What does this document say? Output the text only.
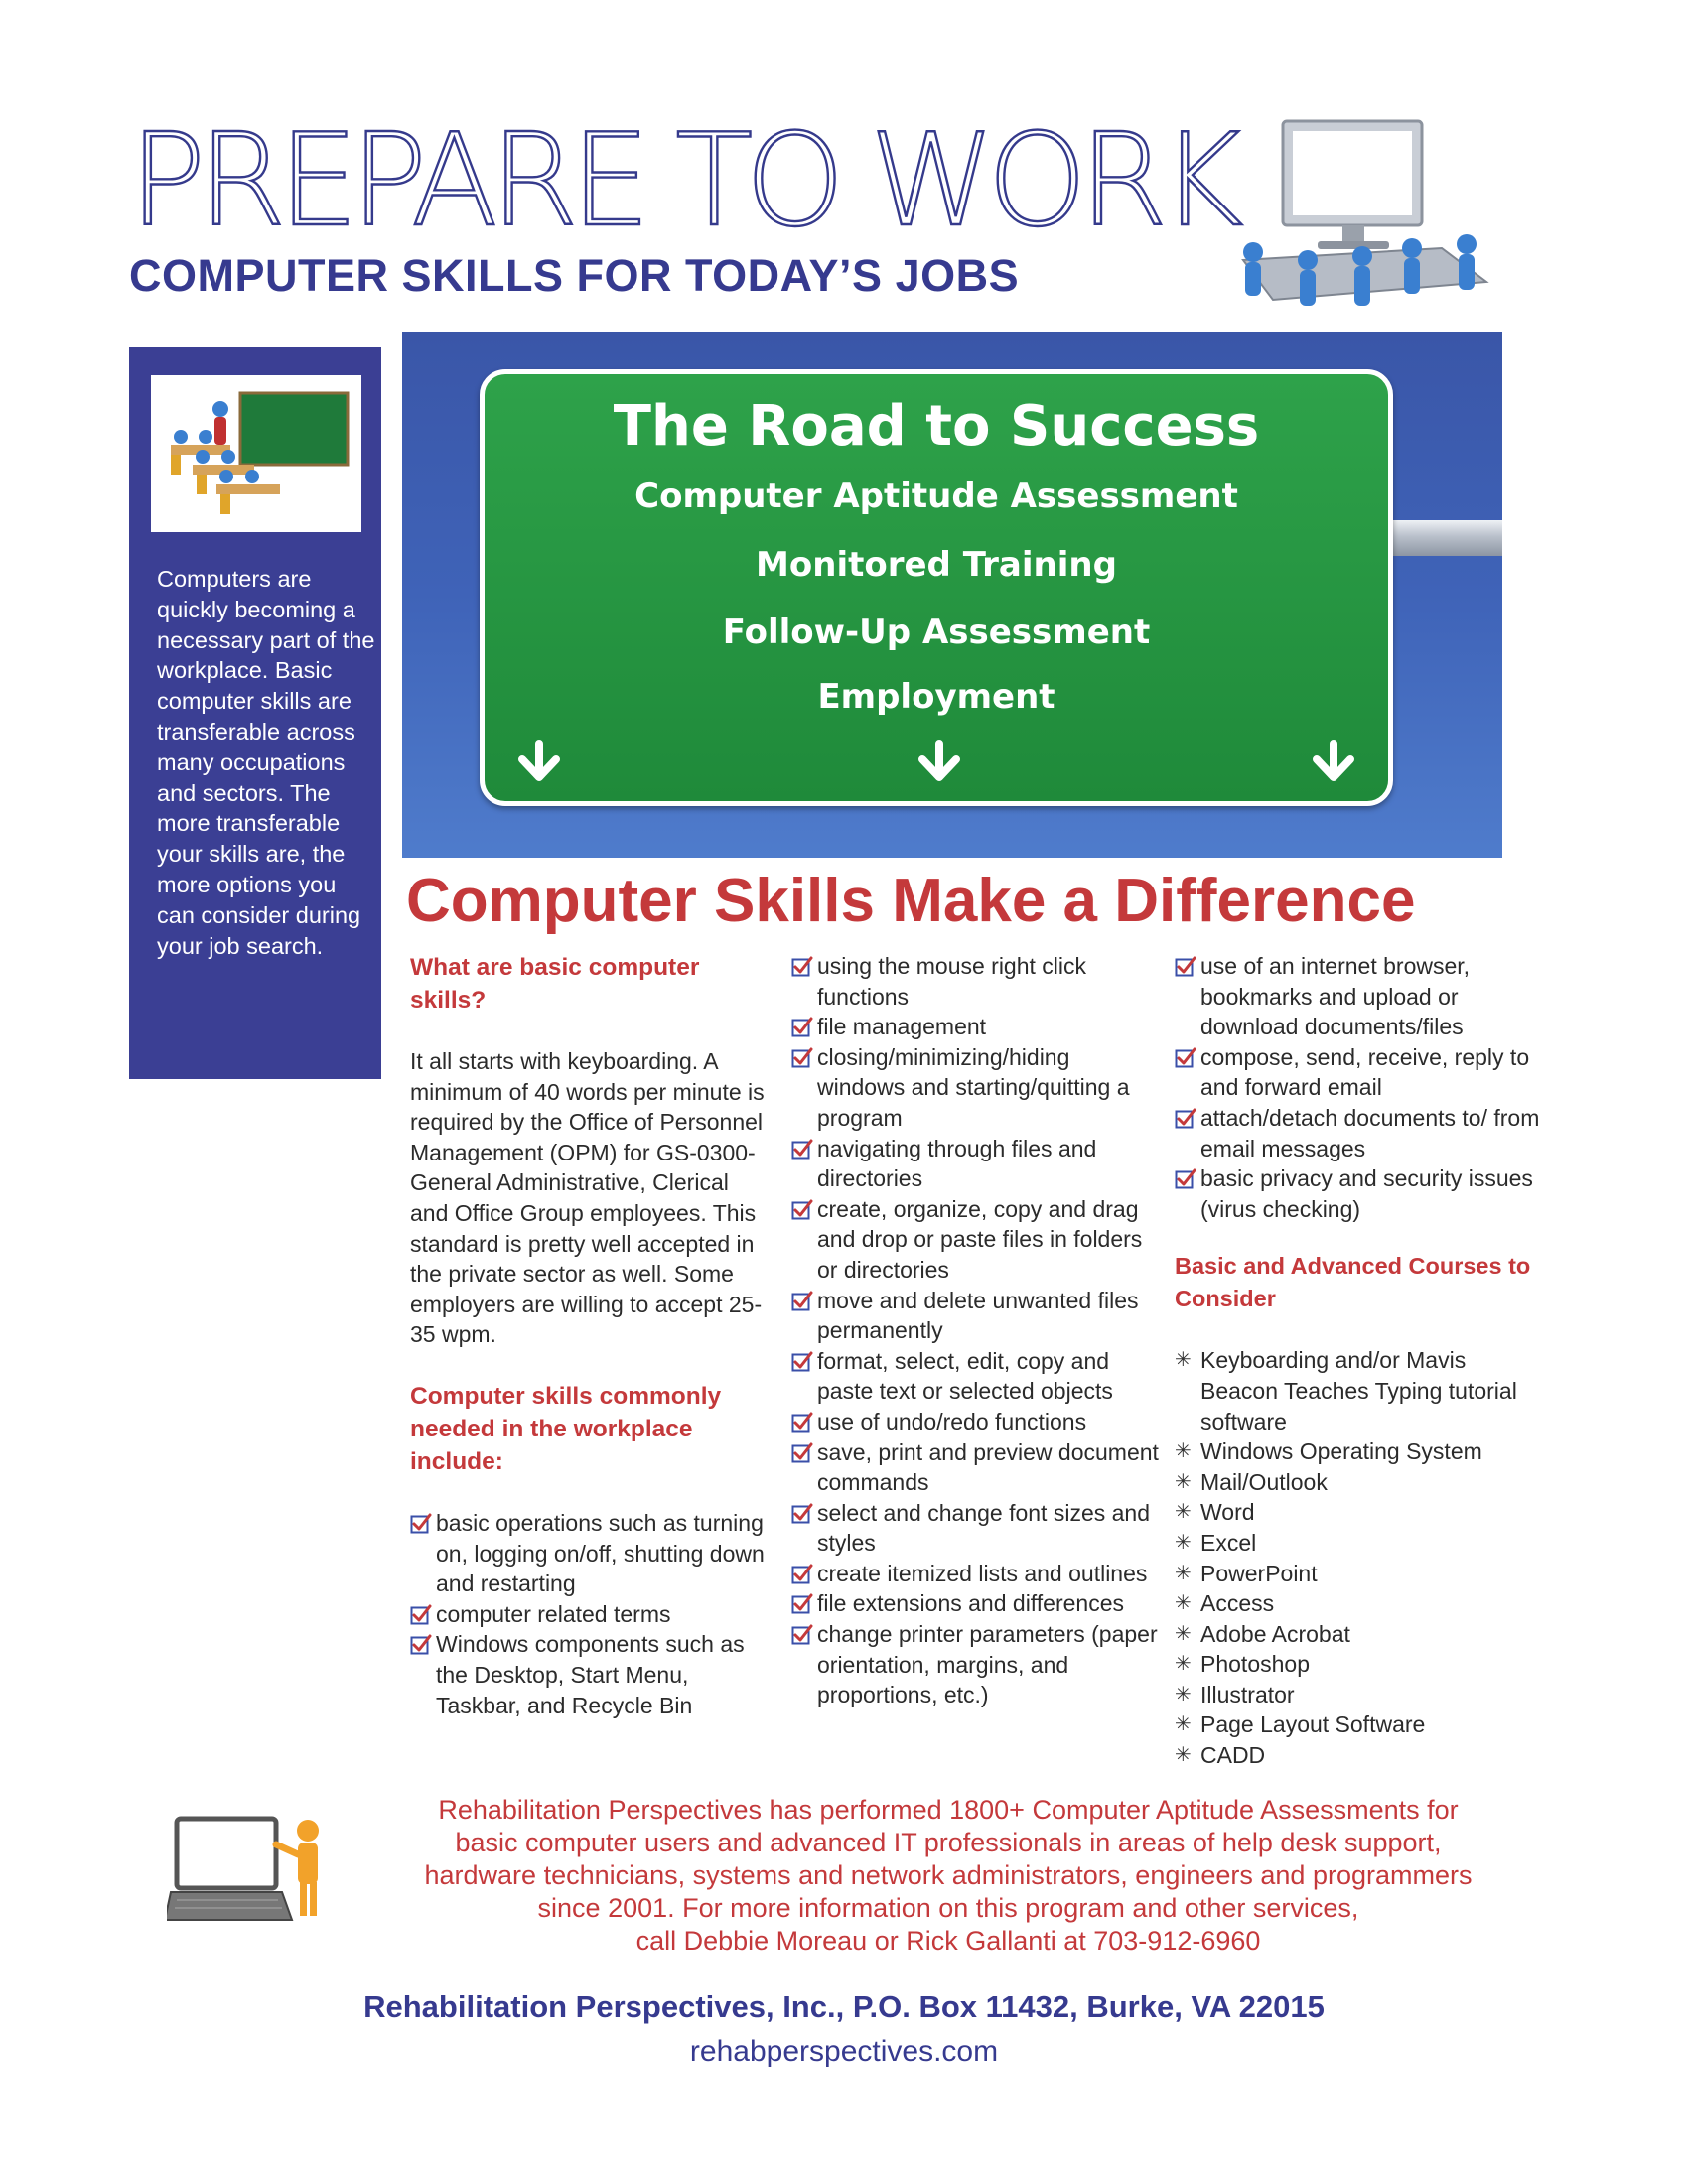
PREPARE TO WORK
COMPUTER SKILLS FOR TODAY’S JOBS
Computers are quickly becoming a necessary part of the workplace. Basic computer skills are transferable across many occupations and sectors. The more transferable your skills are, the more options you can consider during your job search.
The Road to Success
Computer Aptitude Assessment
Monitored Training
Follow-Up Assessment
Employment
Computer Skills Make a Difference
What are basic computer skills?
It all starts with keyboarding. A minimum of 40 words per minute is required by the Office of Personnel Management (OPM) for GS-0300-General Administrative, Clerical and Office Group employees. This standard is pretty well accepted in the private sector as well. Some employers are willing to accept 25-35 wpm.
Computer skills commonly needed in the workplace include:
basic operations such as turning on, logging on/off, shutting down and restarting
computer related terms
Windows components such as the Desktop, Start Menu, Taskbar, and Recycle Bin
using the mouse right click functions
file management
closing/minimizing/hiding windows and starting/quitting a program
navigating through files and directories
create, organize, copy and drag and drop or paste files in folders or directories
move and delete unwanted files permanently
format, select, edit, copy and paste text or selected objects
use of undo/redo functions
save, print and preview document commands
select and change font sizes and styles
create itemized lists and outlines
file extensions and differences
change printer parameters (paper orientation, margins, and proportions, etc.)
use of an internet browser, bookmarks and upload or download documents/files
compose, send, receive, reply to and forward email
attach/detach documents to/ from email messages
basic privacy and security issues (virus checking)
Basic and Advanced Courses to Consider
✳ Keyboarding and/or Mavis Beacon Teaches Typing tutorial software
✳ Windows Operating System
✳ Mail/Outlook
✳ Word
✳ Excel
✳ PowerPoint
✳ Access
✳ Adobe Acrobat
✳ Photoshop
✳ Illustrator
✳ Page Layout Software
✳ CADD
Rehabilitation Perspectives has performed 1800+ Computer Aptitude Assessments for
basic computer users and advanced IT professionals in areas of help desk support,
hardware technicians, systems and network administrators, engineers and programmers
since 2001. For more information on this program and other services,
call Debbie Moreau or Rick Gallanti at 703-912-6960
Rehabilitation Perspectives, Inc., P.O. Box 11432, Burke, VA 22015
rehabperspectives.com
